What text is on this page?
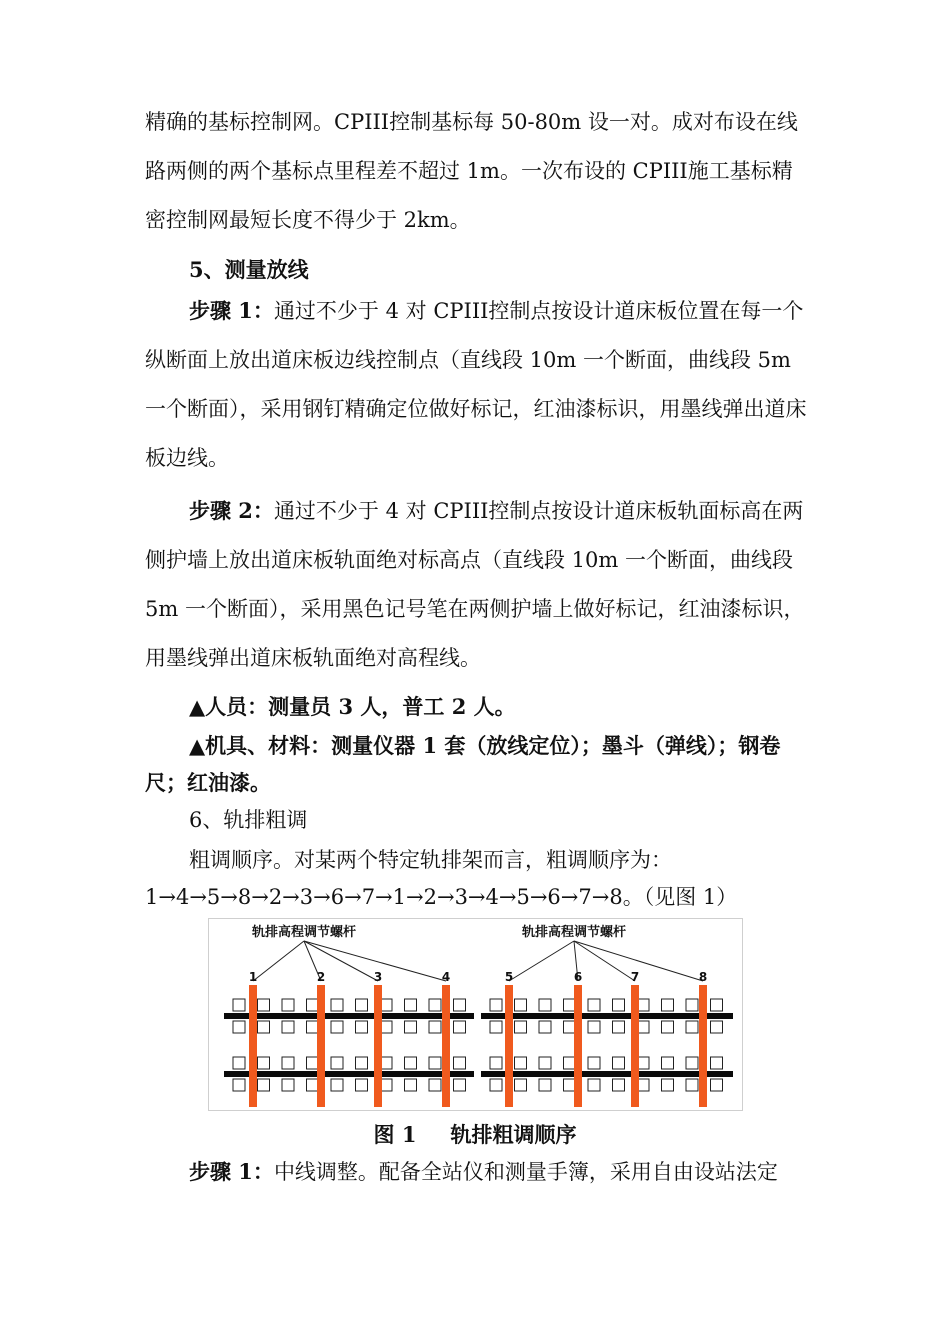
精确的基标控制网。CPIII控制基标每 50-80m 设一对。成对布设在线

路两侧的两个基标点里程差不超过 1m。一次布设的 CPIII施工基标精

密控制网最短长度不得少于 2km。

5、测量放线

步骤 1：通过不少于 4 对 CPIII控制点按设计道床板位置在每一个纵断面上放出道床板边线控制点（直线段 10m 一个断面，曲线段 5m 一个断面），采用钢钉精确定位做好标记，红油漆标识，用墨线弹出道床板边线。

步骤 2：通过不少于 4 对 CPIII控制点按设计道床板轨面标高在两侧护墙上放出道床板轨面绝对标高点（直线段 10m 一个断面，曲线段5m 一个断面），采用黑色记号笔在两侧护墙上做好标记，红油漆标识，用墨线弹出道床板轨面绝对高程线。

▲人员：测量员 3 人，普工 2 人。

▲机具、材料：测量仪器 1 套（放线定位）；墨斗（弹线）；钢卷尺；红油漆。

6、轨排粗调

粗调顺序。对某两个特定轨排架而言，粗调顺序为：1→4→5→8→2→3→6→7→1→2→3→4→5→6→7→8。（见图 1）

1	2	3	4	5	6	7	8
轨排高程调节螺杆	轨排高程调节螺杆
图 1 轨排粗调顺序

步骤 1：中线调整。配备全站仪和测量手簿，采用自由设站法定
